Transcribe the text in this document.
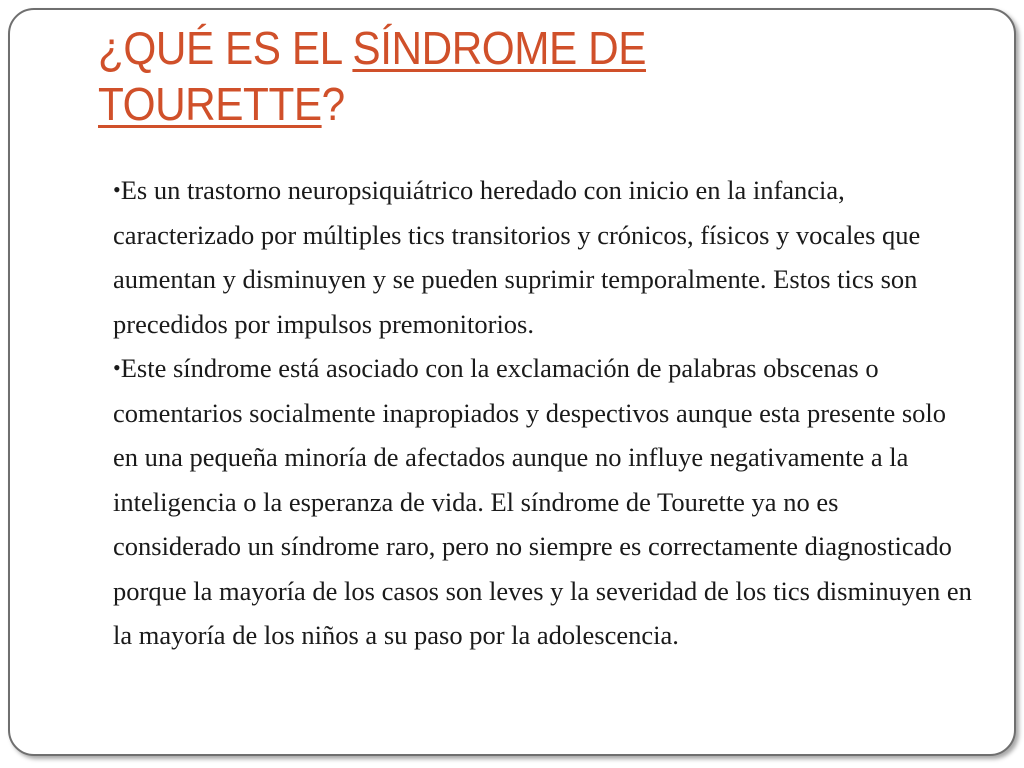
¿QUÉ ES EL SÍNDROME DE
TOURETTE?

•Es un trastorno neuropsiquiátrico heredado con inicio en la infancia, caracterizado por múltiples tics transitorios y crónicos, físicos y vocales que aumentan y disminuyen y se pueden suprimir temporalmente. Estos tics son precedidos por impulsos premonitorios.

•Este síndrome está asociado con la exclamación de palabras obscenas o comentarios socialmente inapropiados y despectivos aunque esta presente solo en una pequeña minoría de afectados aunque no influye negativamente a la inteligencia o la esperanza de vida. El síndrome de Tourette ya no es considerado un síndrome raro, pero no siempre es correctamente diagnosticado porque la mayoría de los casos son leves y la severidad de los tics disminuyen en la mayoría de los niños a su paso por la adolescencia.
